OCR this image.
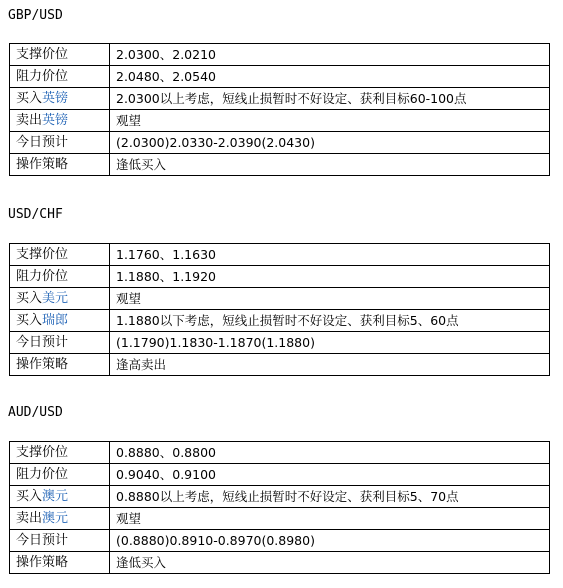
GBP/USD
支撑价位	2.0300、2.0210
阻力价位	2.0480、2.0540
买入英镑	2.0300以上考虑，短线止损暂时不好设定、获利目标60-100点
卖出英镑	观望
今日预计	(2.0300)2.0330-2.0390(2.0430)
操作策略	逢低买入
USD/CHF
支撑价位	1.1760、1.1630
阻力价位	1.1880、1.1920
买入美元	观望
买入瑞郎	1.1880以下考虑，短线止损暂时不好设定、获利目标5、60点
今日预计	(1.1790)1.1830-1.1870(1.1880)
操作策略	逢高卖出
AUD/USD
支撑价位	0.8880、0.8800
阻力价位	0.9040、0.9100
买入澳元	0.8880以上考虑，短线止损暂时不好设定、获利目标5、70点
卖出澳元	观望
今日预计	(0.8880)0.8910-0.8970(0.8980)
操作策略	逢低买入
